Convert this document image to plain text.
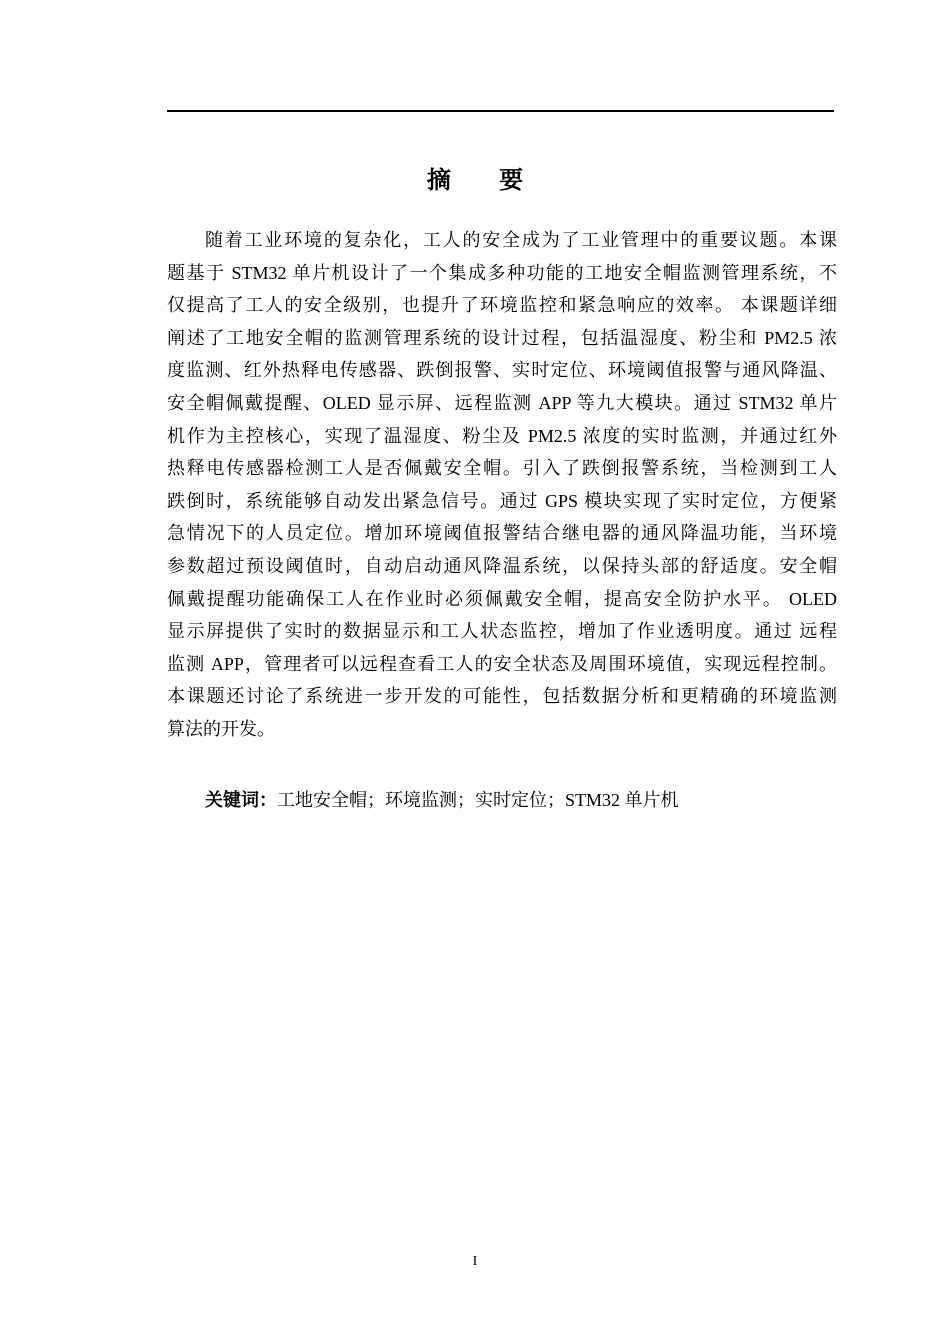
摘 要
随着工业环境的复杂化，工人的安全成为了工业管理中的重要议题。本课
题基于 STM32 单片机设计了一个集成多种功能的工地安全帽监测管理系统，不
仅提高了工人的安全级别，也提升了环境监控和紧急响应的效率。 本课题详细
阐述了工地安全帽的监测管理系统的设计过程，包括温湿度、粉尘和 PM2.5 浓
度监测、红外热释电传感器、跌倒报警、实时定位、环境阈值报警与通风降温、
安全帽佩戴提醒、OLED 显示屏、远程监测 APP 等九大模块。通过 STM32 单片
机作为主控核心，实现了温湿度、粉尘及 PM2.5 浓度的实时监测，并通过红外
热释电传感器检测工人是否佩戴安全帽。引入了跌倒报警系统，当检测到工人
跌倒时，系统能够自动发出紧急信号。通过 GPS 模块实现了实时定位，方便紧
急情况下的人员定位。增加环境阈值报警结合继电器的通风降温功能，当环境
参数超过预设阈值时，自动启动通风降温系统，以保持头部的舒适度。安全帽
佩戴提醒功能确保工人在作业时必须佩戴安全帽，提高安全防护水平。 OLED
显示屏提供了实时的数据显示和工人状态监控，增加了作业透明度。通过 远程
监测 APP，管理者可以远程查看工人的安全状态及周围环境值，实现远程控制。
本课题还讨论了系统进一步开发的可能性，包括数据分析和更精确的环境监测
算法的开发。
关键词：工地安全帽；环境监测；实时定位；STM32 单片机
I
